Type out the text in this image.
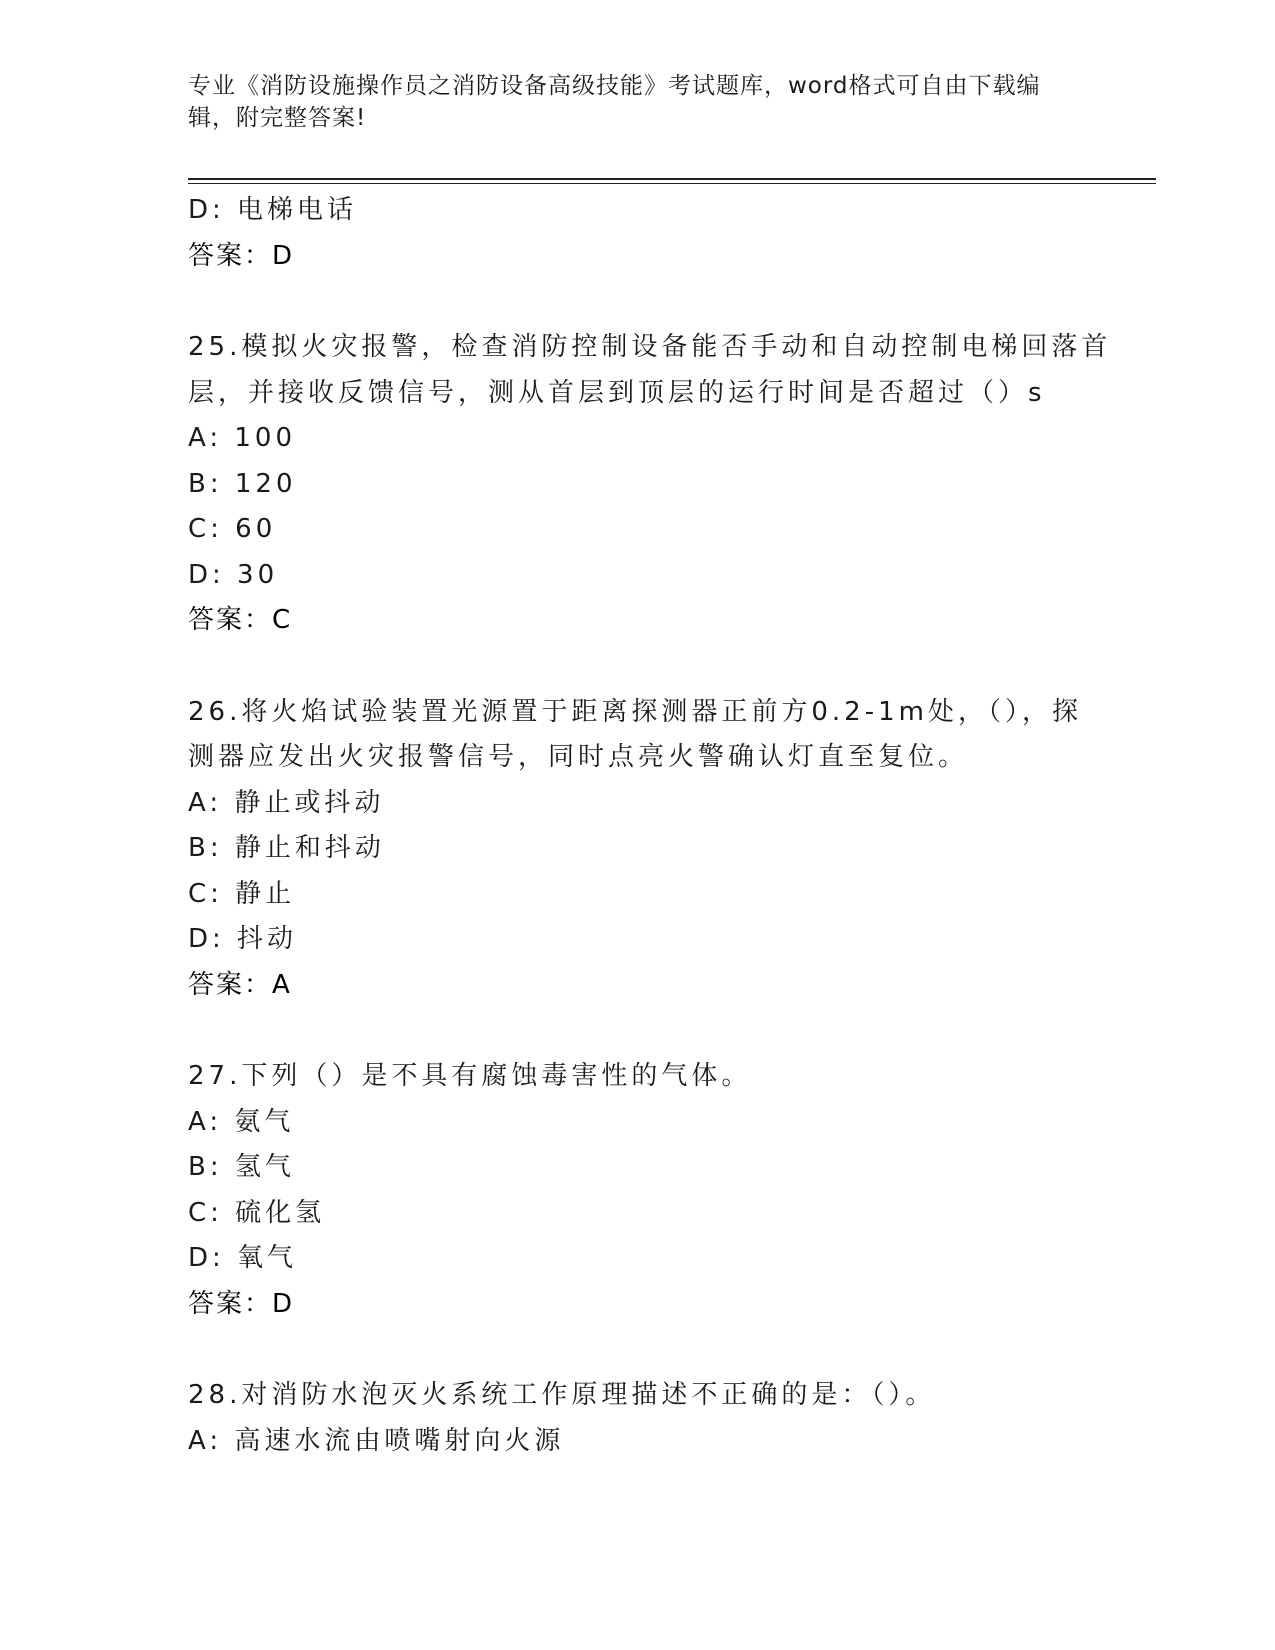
专业《消防设施操作员之消防设备高级技能》考试题库，word格式可自由下载编
辑，附完整答案!
D: 电梯电话
答案：D
25.模拟火灾报警，检查消防控制设备能否手动和自动控制电梯回落首
层，并接收反馈信号，测从首层到顶层的运行时间是否超过（）s
A: 100
B: 120
C: 60
D: 30
答案：C
26.将火焰试验装置光源置于距离探测器正前方0.2-1m处，（），探
测器应发出火灾报警信号，同时点亮火警确认灯直至复位。
A: 静止或抖动
B: 静止和抖动
C: 静止
D: 抖动
答案：A
27.下列（）是不具有腐蚀毒害性的气体。
A: 氨气
B: 氢气
C: 硫化氢
D: 氧气
答案：D
28.对消防水泡灭火系统工作原理描述不正确的是：（）。
A: 高速水流由喷嘴射向火源
